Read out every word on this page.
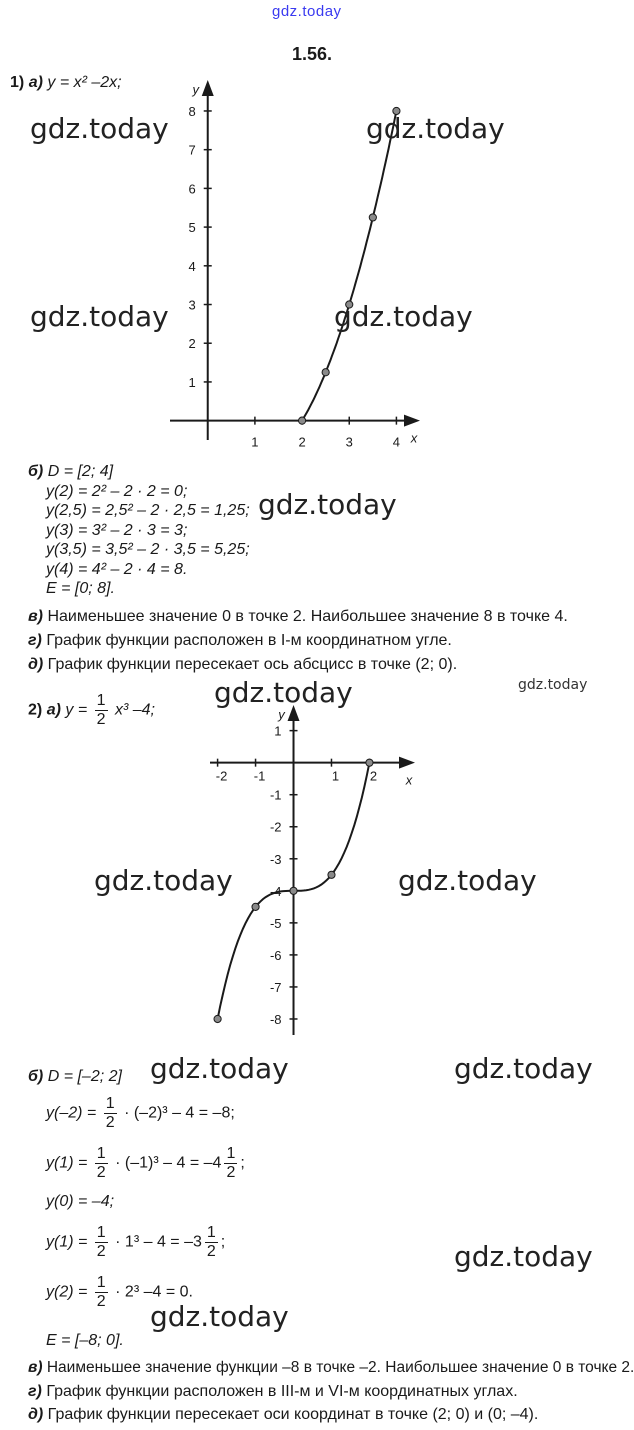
gdz.today
1.56.
1) а) y = x² –2x;
x
y
1	2	3	4
1
2
3
4
5
6
7
8
б) D = [2; 4]
y(2) = 2² – 2 · 2 = 0;
y(2,5) = 2,5² – 2 · 2,5 = 1,25;
y(3) = 3² – 2 · 3 = 3;
y(3,5) = 3,5² – 2 · 3,5 = 5,25;
y(4) = 4² – 2 · 4 = 8.
E = [0; 8].
в) Наименьшее значение 0 в точке 2. Наибольшее значение 8 в точке 4.
г) График функции расположен в I-м координатном угле.
д) График функции пересекает ось абсцисс в точке (2; 0).
2) а) $y = \frac{1}{2} x^3$ –4;
x
y
-2 -1	1 2
1
-1
-2
-3
-4
-5
-6
-7
-8
б) D = [–2; 2]
$y(-2) = \frac{1}{2} \cdot (-2)^3 - 4 = -8$;
$y(1) = \frac{1}{2} \cdot (-1)^3 - 4 = -4 \frac{1}{2}$ ;
y(0) = –4;
$y(1) = \frac{1}{2} \cdot 1^3 - 4 = -3 \frac{1}{2}$ ;
$y(2) = \frac{1}{2} \cdot 2^3$ –4 = 0.
E = [–8; 0].
в) Наименьшее значение функции –8 в точке –2. Наибольшее значение 0 в точке 2.
г) График функции расположен в III-м и VI-м координатных углах.
д) График функции пересекает оси координат в точке (2; 0) и (0; –4).
gdz.today	gdz.today
gdz.today	gdz.today
gdz.today
gdz.today	gdz.today
gdz.today	gdz.today
gdz.today	gdz.today
gdz.today
gdz.today
